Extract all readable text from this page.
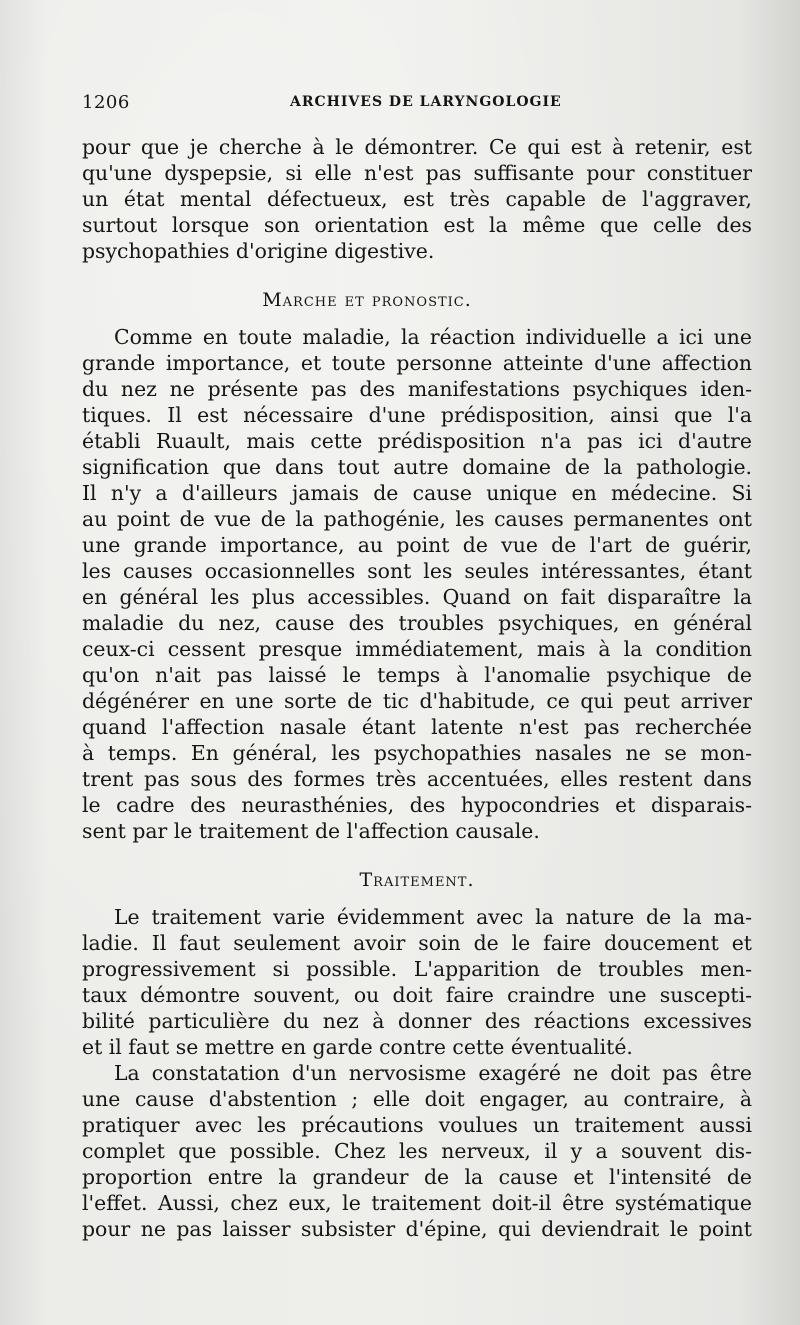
1206	ARCHIVES DE LARYNGOLOGIE
pour que je cherche à le démontrer. Ce qui est à retenir, est
qu'une dyspepsie, si elle n'est pas suffisante pour constituer
un état mental défectueux, est très capable de l'aggraver,
surtout lorsque son orientation est la même que celle des
psychopathies d'origine digestive.
Marche et pronostic.
Comme en toute maladie, la réaction individuelle a ici une
grande importance, et toute personne atteinte d'une affection
du nez ne présente pas des manifestations psychiques iden-
tiques. Il est nécessaire d'une prédisposition, ainsi que l'a
établi Ruault, mais cette prédisposition n'a pas ici d'autre
signification que dans tout autre domaine de la pathologie.
Il n'y a d'ailleurs jamais de cause unique en médecine. Si
au point de vue de la pathogénie, les causes permanentes ont
une grande importance, au point de vue de l'art de guérir,
les causes occasionnelles sont les seules intéressantes, étant
en général les plus accessibles. Quand on fait disparaître la
maladie du nez, cause des troubles psychiques, en général
ceux-ci cessent presque immédiatement, mais à la condition
qu'on n'ait pas laissé le temps à l'anomalie psychique de
dégénérer en une sorte de tic d'habitude, ce qui peut arriver
quand l'affection nasale étant latente n'est pas recherchée
à temps. En général, les psychopathies nasales ne se mon-
trent pas sous des formes très accentuées, elles restent dans
le cadre des neurasthénies, des hypocondries et disparais-
sent par le traitement de l'affection causale.
Traitement.
Le traitement varie évidemment avec la nature de la ma-
ladie. Il faut seulement avoir soin de le faire doucement et
progressivement si possible. L'apparition de troubles men-
taux démontre souvent, ou doit faire craindre une suscepti-
bilité particulière du nez à donner des réactions excessives
et il faut se mettre en garde contre cette éventualité.
La constatation d'un nervosisme exagéré ne doit pas être
une cause d'abstention ; elle doit engager, au contraire, à
pratiquer avec les précautions voulues un traitement aussi
complet que possible. Chez les nerveux, il y a souvent dis-
proportion entre la grandeur de la cause et l'intensité de
l'effet. Aussi, chez eux, le traitement doit-il être systématique
pour ne pas laisser subsister d'épine, qui deviendrait le point
